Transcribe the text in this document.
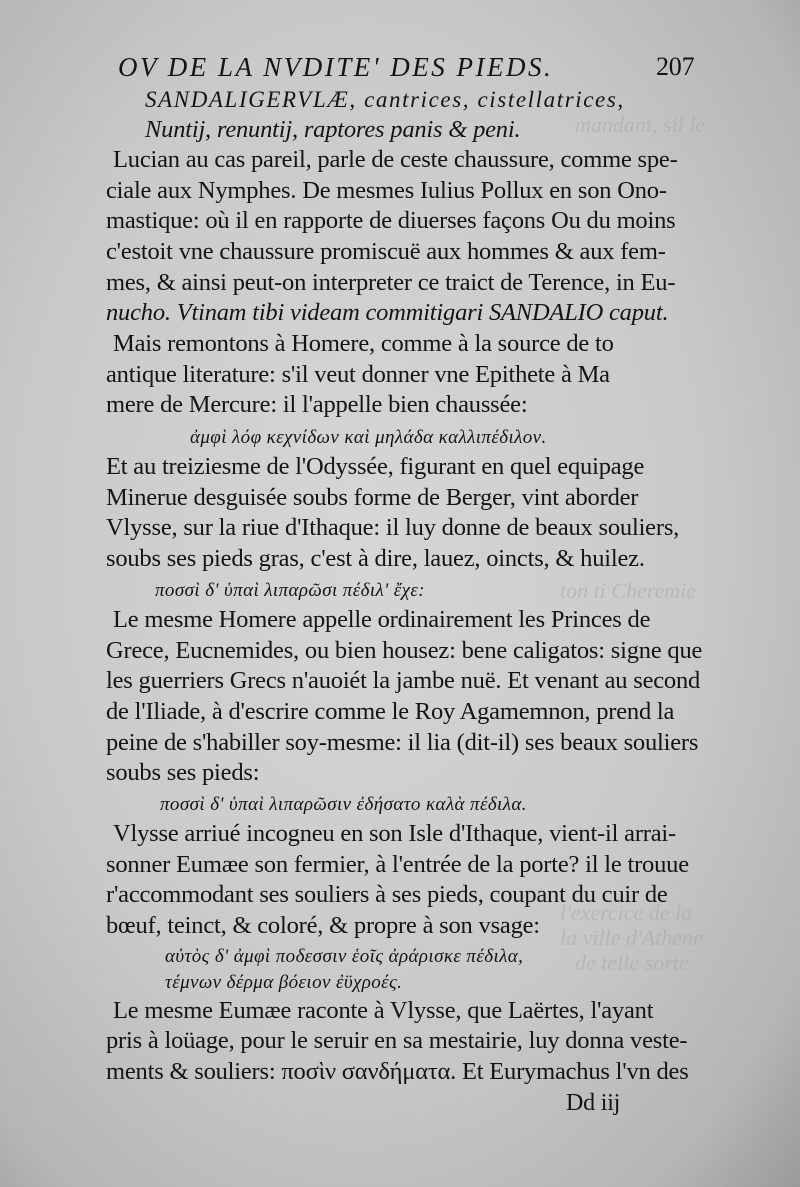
mandant, sil le
ton ti Cheremie
l'exercice de la
la ville d'Athene
de telle sorte
OV DE LA NVDITE' DES PIEDS.	207
SANDALIGERVLÆ, cantrices, cistellatrices,
Nuntij, renuntij, raptores panis & peni.
Lucian au cas pareil, parle de ceste chaussure, comme spe-
ciale aux Nymphes. De mesmes Iulius Pollux en son Ono-
mastique: où il en rapporte de diuerses façons Ou du moins
c'estoit vne chaussure promiscuë aux hommes & aux fem-
mes, & ainsi peut-on interpreter ce traict de Terence, in Eu-
nucho. Vtinam tibi videam commitigari SANDALIO caput.
Mais remontons à Homere, comme à la source de to
antique literature: s'il veut donner vne Epithete à Ma
mere de Mercure: il l'appelle bien chaussée:
ἀμφὶ λόφ κεχνίδων καὶ μηλάδα καλλιπέδιλον.
Et au treiziesme de l'Odyssée, figurant en quel equipage
Minerue desguisée soubs forme de Berger, vint aborder
Vlysse, sur la riue d'Ithaque: il luy donne de beaux souliers,
soubs ses pieds gras, c'est à dire, lauez, oincts, & huilez.
ποσσὶ δ' ὑπαὶ λιπαρῶσι πέδιλ' ἔχε:
Le mesme Homere appelle ordinairement les Princes de
Grece, Eucnemides, ou bien housez: bene caligatos: signe que
les guerriers Grecs n'auoiét la jambe nuë. Et venant au second
de l'Iliade, à d'escrire comme le Roy Agamemnon, prend la
peine de s'habiller soy-mesme: il lia (dit-il) ses beaux souliers
soubs ses pieds:
ποσσὶ δ' ὑπαὶ λιπαρῶσιν ἐδήσατο καλὰ πέδιλα.
Vlysse arriué incogneu en son Isle d'Ithaque, vient-il arrai-
sonner Eumæe son fermier, à l'entrée de la porte? il le trouue
r'accommodant ses souliers à ses pieds, coupant du cuir de
bœuf, teinct, & coloré, & propre à son vsage:
αὐτὸς δ' ἀμφὶ ποδεσσιν ἑοῖς ἀράρισκε πέδιλα,
τέμνων δέρμα βόειον ἐϋχροές.
Le mesme Eumæe raconte à Vlysse, que Laërtes, l'ayant
pris à loüage, pour le seruir en sa mestairie, luy donna veste-
ments & souliers: ποσὶν σανδήματα. Et Eurymachus l'vn des
Dd iij
